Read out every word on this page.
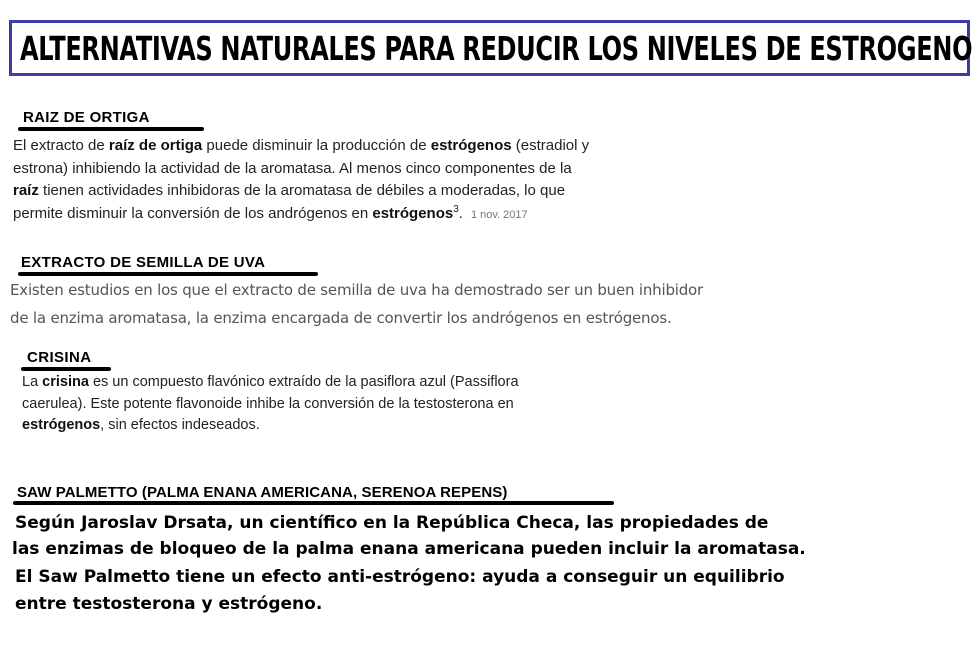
ALTERNATIVAS NATURALES PARA REDUCIR LOS NIVELES DE ESTROGENO
RAIZ DE ORTIGA
El extracto de raíz de ortiga puede disminuir la producción de estrógenos (estradiol y
estrona) inhibiendo la actividad de la aromatasa. Al menos cinco componentes de la
raíz tienen actividades inhibidoras de la aromatasa de débiles a moderadas, lo que
permite disminuir la conversión de los andrógenos en estrógenos$^3$. 1 nov. 2017
EXTRACTO DE SEMILLA DE UVA
Existen estudios en los que el extracto de semilla de uva ha demostrado ser un buen inhibidor
de la enzima aromatasa, la enzima encargada de convertir los andrógenos en estrógenos.
CRISINA
La crisina es un compuesto flavónico extraído de la pasiflora azul (Passiflora
caerulea). Este potente flavonoide inhibe la conversión de la testosterona en
estrógenos, sin efectos indeseados.
SAW PALMETTO (PALMA ENANA AMERICANA, SERENOA REPENS)
Según Jaroslav Drsata, un científico en la República Checa, las propiedades de
las enzimas de bloqueo de la palma enana americana pueden incluir la aromatasa.
El Saw Palmetto tiene un efecto anti-estrógeno: ayuda a conseguir un equilibrio
entre testosterona y estrógeno.
